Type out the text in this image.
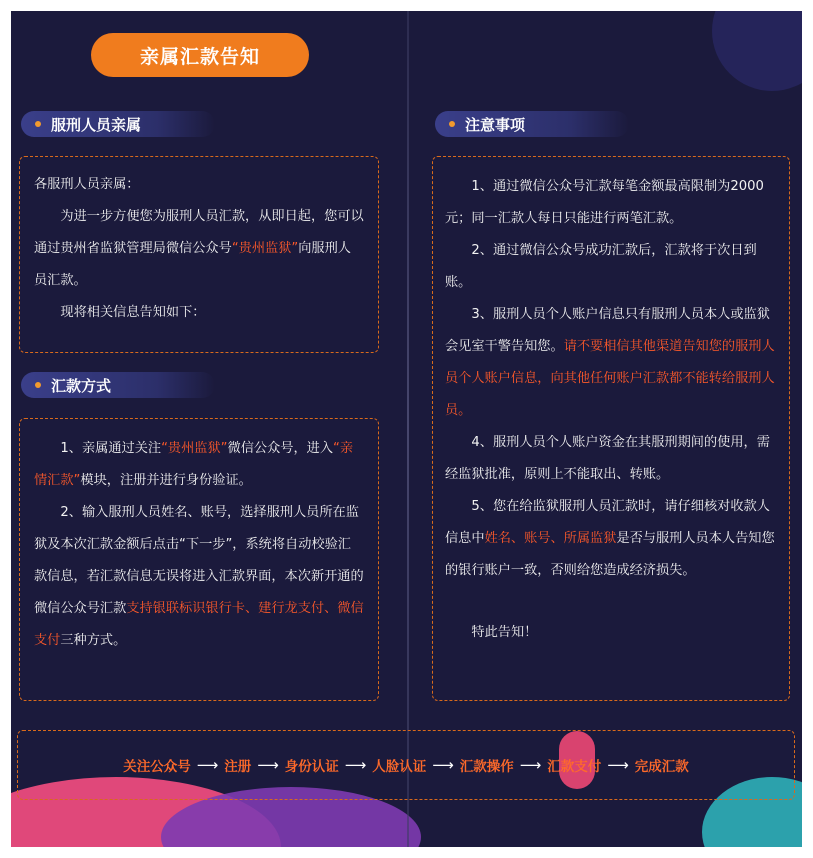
亲属汇款告知
服刑人员亲属

各服刑人员亲属：

为进一步方便您为服刑人员汇款，从即日起，您可以通过贵州省监狱管理局微信公众号“贵州监狱”向服刑人员汇款。

现将相关信息告知如下：

汇款方式

1、亲属通过关注“贵州监狱”微信公众号，进入“亲情汇款”模块，注册并进行身份验证。

2、输入服刑人员姓名、账号，选择服刑人员所在监狱及本次汇款金额后点击“下一步”，系统将自动校验汇款信息，若汇款信息无误将进入汇款界面，本次新开通的微信公众号汇款支持银联标识银行卡、建行龙支付、微信支付三种方式。

注意事项

1、通过微信公众号汇款每笔金额最高限制为2000元；同一汇款人每日只能进行两笔汇款。

2、通过微信公众号成功汇款后，汇款将于次日到账。

3、服刑人员个人账户信息只有服刑人员本人或监狱会见室干警告知您。请不要相信其他渠道告知您的服刑人员个人账户信息，向其他任何账户汇款都不能转给服刑人员。

4、服刑人员个人账户资金在其服刑期间的使用，需经监狱批准，原则上不能取出、转账。

5、您在给监狱服刑人员汇款时，请仔细核对收款人信息中姓名、账号、所属监狱是否与服刑人员本人告知您的银行账户一致，否则给您造成经济损失。

特此告知！

关注公众号 ⟶ 注册 ⟶ 身份认证 ⟶ 人脸认证 ⟶ 汇款操作 ⟶ 汇款支付 ⟶ 完成汇款
